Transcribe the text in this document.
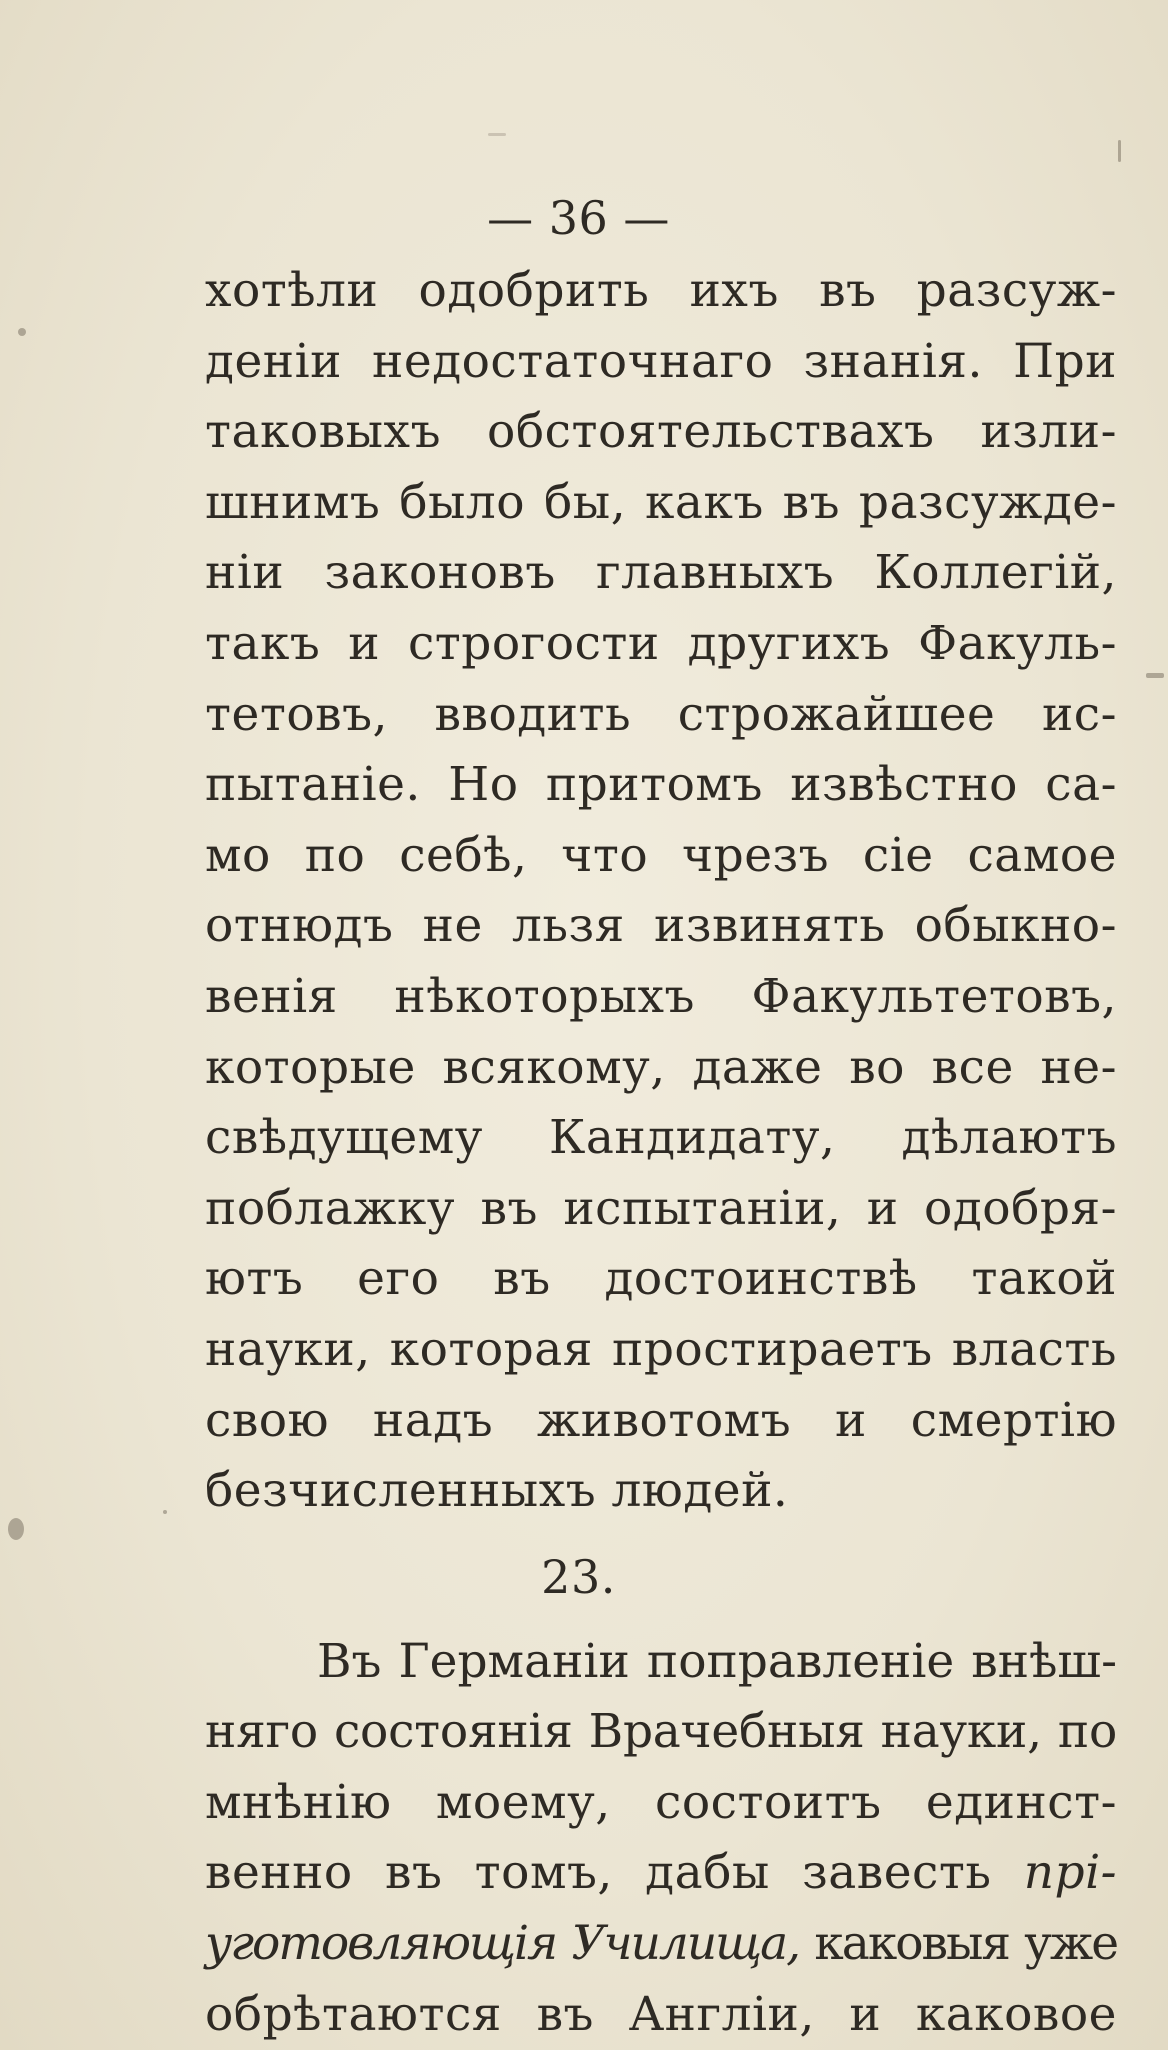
— 36 —
хотѣли одобрить ихъ въ разсуж-
деніи недостаточнаго знанія. При
таковыхъ обстоятельствахъ изли-
шнимъ было бы, какъ въ разсужде-
ніи законовъ главныхъ Коллегій,
такъ и строгости другихъ Факуль-
тетовъ, вводить строжайшее ис-
пытаніе. Но притомъ извѣстно са-
мо по себѣ, что чрезъ сіе самое
отнюдъ не льзя извинять обыкно-
венія нѣкоторыхъ Факультетовъ,
которые всякому, даже во все не-
свѣдущему Кандидату, дѣлаютъ
поблажку въ испытаніи, и одобря-
ютъ его въ достоинствѣ такой
науки, которая простираетъ власть
свою надъ животомъ и смертію
безчисленныхъ людей.
23.
Въ Германіи поправленіе внѣш-
няго состоянія Врачебныя науки, по
мнѣнію моему, состоитъ единст-
венно въ томъ, дабы завесть прі-
уготовляющія Училища, каковыя уже
обрѣтаются въ Англіи, и каковое
